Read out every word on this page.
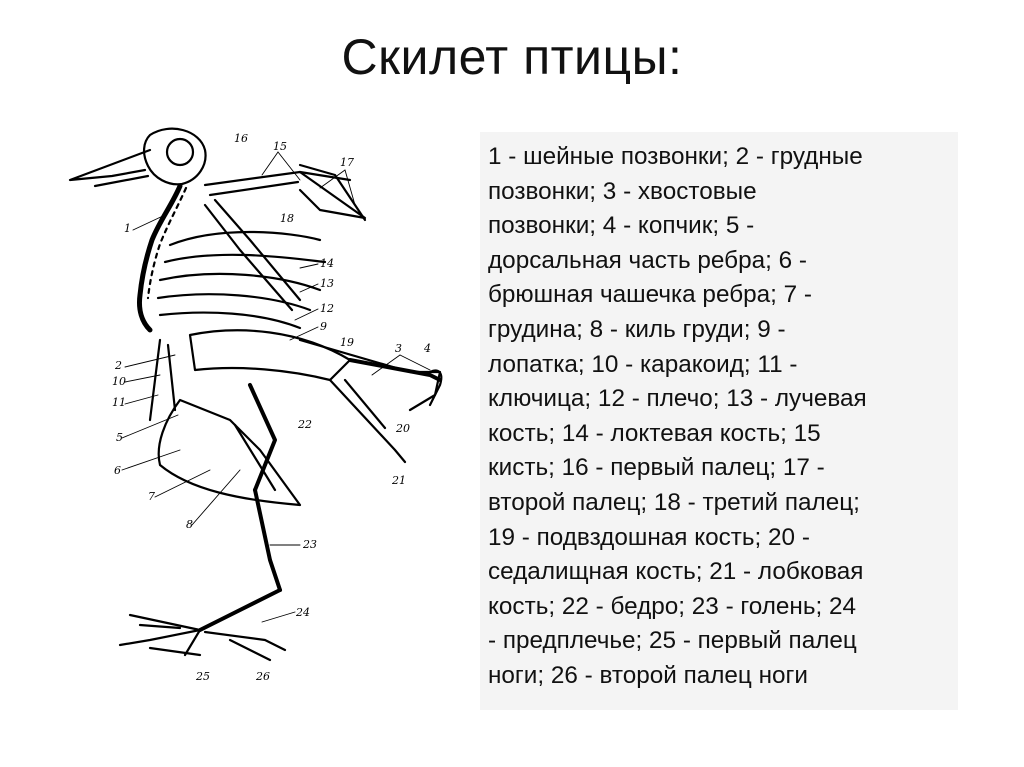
Скилет птицы:
1
2
10
11
5
6
7
8
9
12
13
14
15
16
17
18
19
20
21
22
23
24
25	26
3 4
1 - шейные позвонки; 2 - грудные
позвонки; 3 - хвостовые
позвонки; 4 - копчик; 5 -
дорсальная часть ребра; 6 -
брюшная чашечка ребра; 7 -
грудина; 8 - киль груди; 9 -
лопатка; 10 - каракоид; 11 -
ключица; 12 - плечо; 13 - лучевая
кость; 14 - локтевая кость; 15
кисть; 16 - первый палец; 17 -
второй палец; 18 - третий палец;
19 - подвздошная кость; 20 -
седалищная кость; 21 - лобковая
кость; 22 - бедро; 23 - голень; 24
- предплечье; 25 - первый палец
ноги; 26 - второй палец ноги
